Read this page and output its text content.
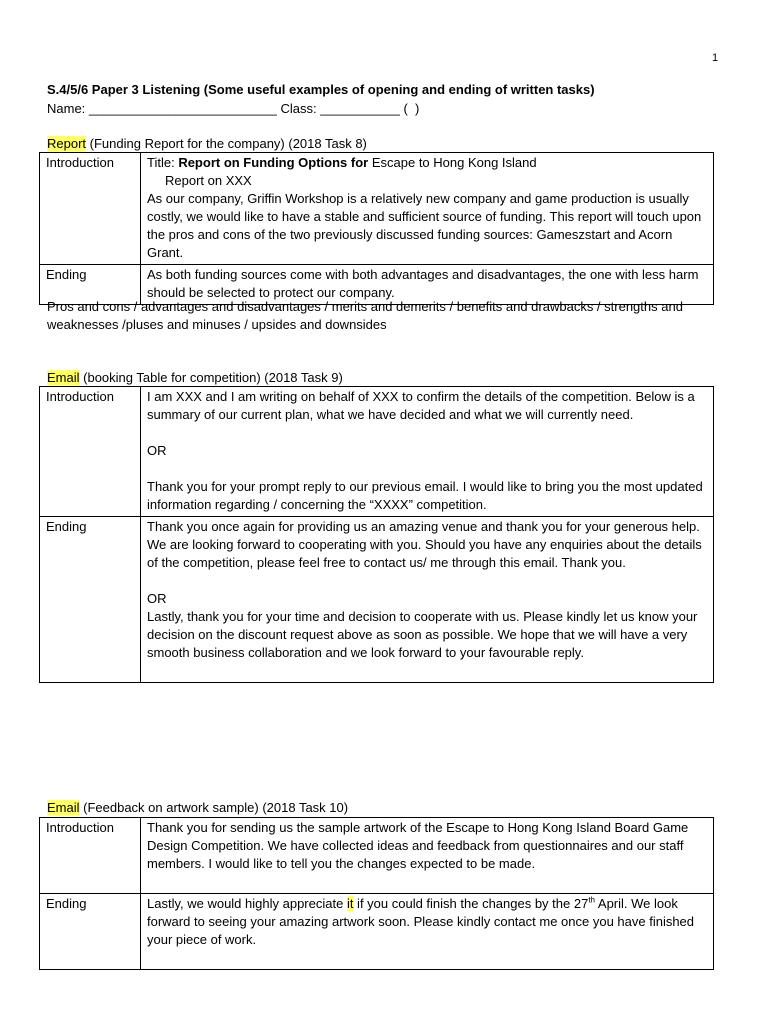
1
S.4/5/6 Paper 3 Listening (Some useful examples of opening and ending of written tasks)
Name: __________________________ Class: ___________ (  )
Report (Funding Report for the company) (2018 Task 8)
Introduction	Title: Report on Funding Options for Escape to Hong Kong Island
Report on XXX
As our company, Griffin Workshop is a relatively new company and game production is usually costly, we would like to have a stable and sufficient source of funding. This report will touch upon the pros and cons of the two previously discussed funding sources: Gameszstart and Acorn Grant.

Ending	As both funding sources come with both advantages and disadvantages, the one with less harm should be selected to protect our company.
Pros and cons / advantages and disadvantages / merits and demerits / benefits and drawbacks / strengths and weaknesses /pluses and minuses / upsides and downsides
Email (booking Table for competition) (2018 Task 9)
Introduction	I am XXX and I am writing on behalf of XXX to confirm the details of the competition. Below is a summary of our current plan, what we have decided and what we will currently need.
OR
Thank you for your prompt reply to our previous email. I would like to bring you the most updated information regarding / concerning the “XXXX” competition.

Ending	Thank you once again for providing us an amazing venue and thank you for your generous help. We are looking forward to cooperating with you. Should you have any enquiries about the details of the competition, please feel free to contact us/ me through this email. Thank you.
OR
Lastly, thank you for your time and decision to cooperate with us. Please kindly let us know your decision on the discount request above as soon as possible. We hope that we will have a very smooth business collaboration and we look forward to your favourable reply.
Email (Feedback on artwork sample) (2018 Task 10)
Introduction	Thank you for sending us the sample artwork of the Escape to Hong Kong Island Board Game Design Competition. We have collected ideas and feedback from questionnaires and our staff members. I would like to tell you the changes expected to be made.

Ending	Lastly, we would highly appreciate it if you could finish the changes by the 27th April. We look forward to seeing your amazing artwork soon. Please kindly contact me once you have finished your piece of work.
